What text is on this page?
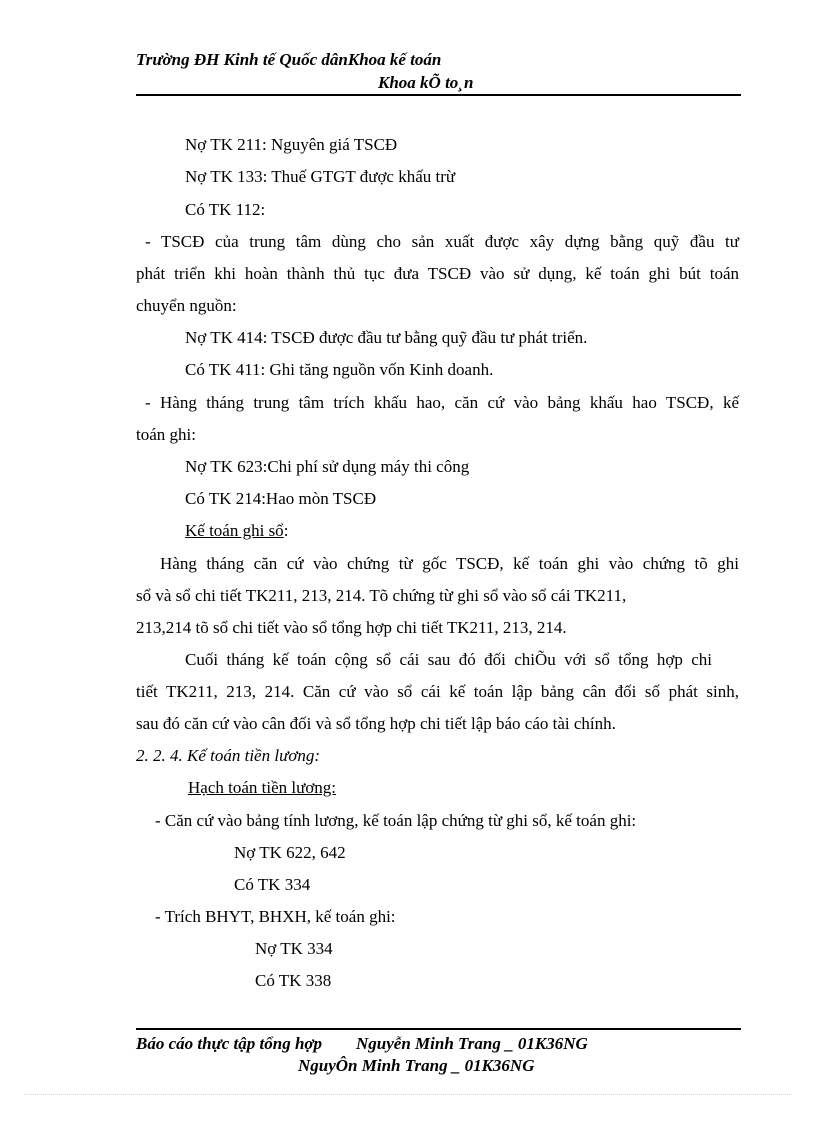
Trường ĐH Kinh tế Quốc dânKhoa kế toán
Khoa kÕ to¸n
Nợ TK 211: Nguyên giá TSCĐ
Nợ TK 133: Thuế GTGT được khấu trừ
Có TK 112:
- TSCĐ của trung tâm dùng cho sản xuất được xây dựng bằng quỹ đầu tư
phát triển khi hoàn thành thủ tục đưa TSCĐ vào sử dụng, kế toán ghi bút toán
chuyển nguồn:
Nợ TK 414: TSCĐ được đầu tư bằng quỹ đầu tư phát triển.
Có TK 411: Ghi tăng nguồn vốn Kinh doanh.
- Hàng tháng trung tâm trích khấu hao, căn cứ vào bảng khấu hao TSCĐ, kế
toán ghi:
Nợ TK 623:Chi phí sử dụng máy thi công
Có TK 214:Hao mòn TSCĐ
Kế toán ghi sổ:
Hàng tháng căn cứ vào chứng từ gốc TSCĐ, kế toán ghi vào chứng tõ ghi
sổ và sổ chi tiết TK211, 213, 214. Tõ chứng từ ghi sổ vào sổ cái TK211,
213,214 tõ sổ chi tiết vào sổ tổng hợp chi tiết TK211, 213, 214.
Cuối tháng kế toán cộng sổ cái sau đó đối chiÕu với sổ tổng hợp chi
tiết TK211, 213, 214. Căn cứ vào sổ cái kế toán lập bảng cân đối số phát sinh,
sau đó căn cứ vào cân đối và sổ tổng hợp chi tiết lập báo cáo tài chính.
2. 2. 4. Kế toán tiền lương:
Hạch toán tiền lương:
- Căn cứ vào bảng tính lương, kế toán lập chứng từ ghi sổ, kế toán ghi:
Nợ TK 622, 642
Có TK 334
- Trích BHYT, BHXH, kế toán ghi:
Nợ TK 334
Có TK 338
Báo cáo thực tập tổng hợp        Nguyễn Minh Trang _ 01K36NG
NguyÔn Minh Trang _ 01K36NG
